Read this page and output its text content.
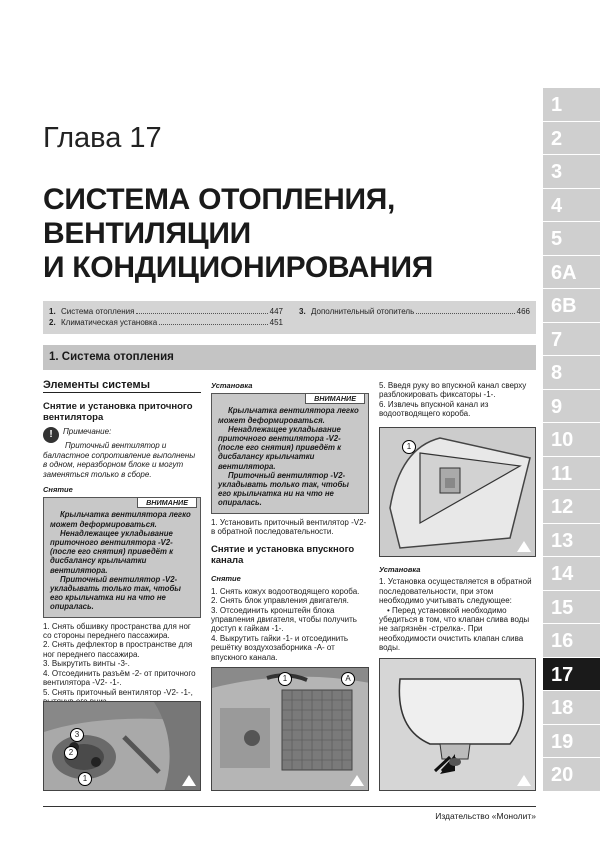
Глава 17
СИСТЕМА ОТОПЛЕНИЯ,
ВЕНТИЛЯЦИИ
И КОНДИЦИОНИРОВАНИЯ
1. Система отопления	447
2. Климатическая установка	451
3. Дополнительный отопитель	466
1. Система отопления
Элементы системы
Снятие и установка приточного вентилятора
!	Примечание:
Приточный вентилятор и балластное сопротивление выполнены в одном, неразборном блоке и могут заменяться только в сборе.
Снятие
ВНИМАНИЕ

Крыльчатка вентилятора легко может деформироваться.

Ненадлежащее укладывание приточного вентилятора -V2- (после его снятия) приведёт к дисбалансу крыльчатки вентилятора.

Приточный вентилятор -V2- укладывать только так, чтобы его крыльчатка ни на что не опиралась.

1. Снять обшивку пространства для ног со стороны переднего пассажира.
2. Снять дефлектор в пространстве для ног переднего пассажира.
3. Выкрутить винты -3-.
4. Отсоединить разъём -2- от приточного вентилятора -V2- -1-.
5. Снять приточный вентилятор -V2- -1-,
3
2
1
Установка
ВНИМАНИЕ

Крыльчатка вентилятора легко может деформироваться.

Ненадлежащее укладывание приточного вентилятора -V2- (после его снятия) приведёт к дисбалансу крыльчатки вентилятора.

Приточный вентилятор -V2- укладывать только так, чтобы его крыльчатка ни на что не опиралась.

1. Установить приточный вентилятор -V2- в обратной последовательности.
Снятие и установка впускного канала
Снятие
1. Снять кожух водоотводящего короба.
2. Снять блок управления двигателя.
3. Отсоединить кронштейн блока управления двигателя, чтобы получить доступ к гайкам -1-.
4. Выкрутить гайки -1- и отсоединить решётку воздухозаборника -А- от впускного канала.
1	A
5. Введя руку во впускной канал сверху разблокировать фиксаторы -1-.
6. Извлечь впускной канал из водоотводящего короба.
1
Установка
1. Установка осуществляется в обратной последовательности, при этом необходимо учитывать следующее:
• Перед установкой необходимо убедиться в том, что клапан слива воды не загрязнён -стрелка-. При необходимости очистить клапан слива воды.
1
2
3
4
5
6A
6B
7
8
9
10
11
12
13
14
15
16
17
18
19
20
Издательство «Монолит»
